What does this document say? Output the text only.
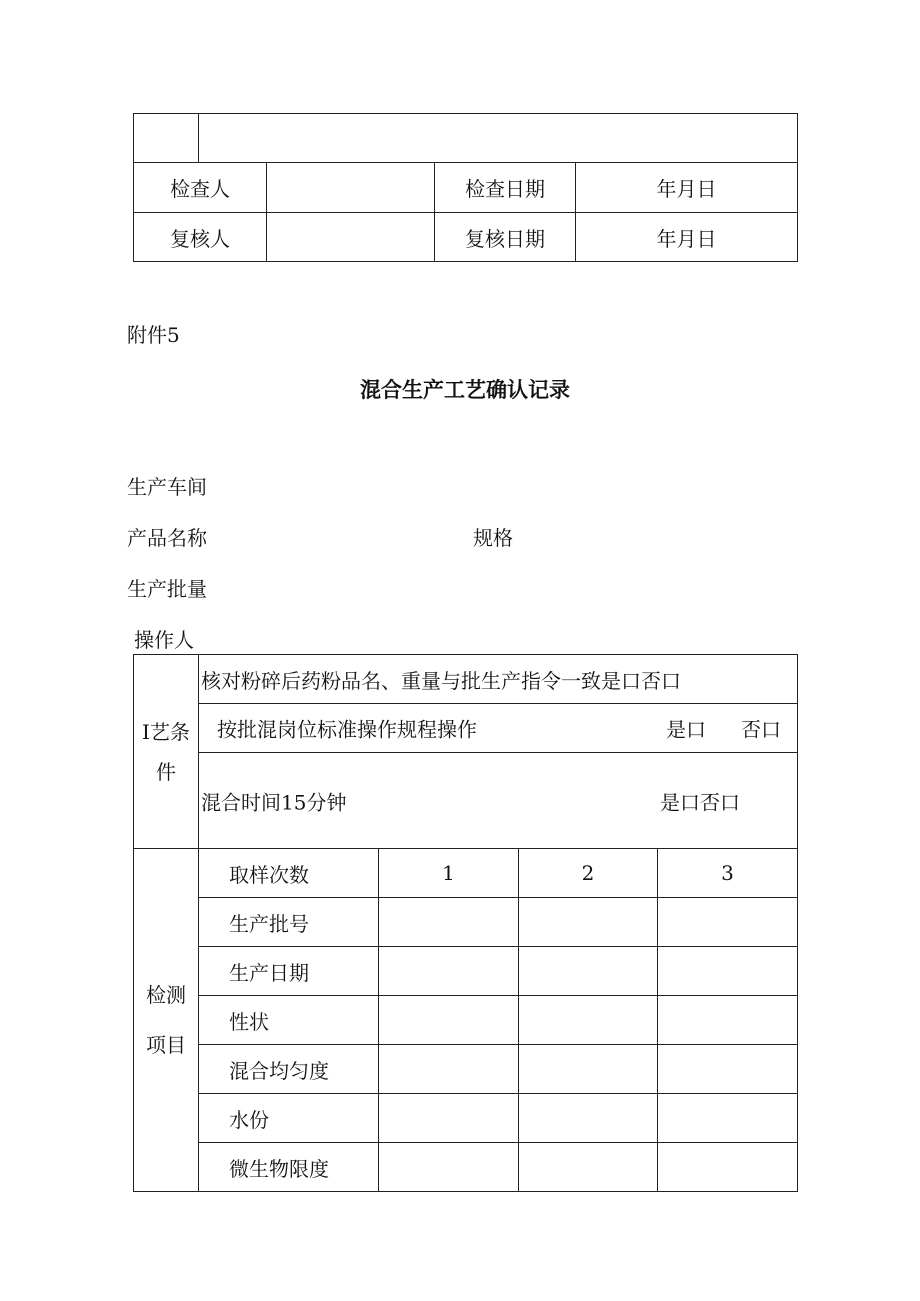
检查人			检查日期	年月日
复核人			复核日期	年月日
附件5
混合生产工艺确认记录
生产车间
产品名称	规格
生产批量
操作人
I艺条
件	核对粉碎后药粉品名、重量与批生产指令一致是口否口			

	按批混岗位标准操作规程操作 是口 否口			

	混合时间15分钟 是口否口			

检测
项目	取样次数	1	2	3
	生产批号			
	生产日期			
	性状			
	混合均匀度			
	水份			
	微生物限度			
